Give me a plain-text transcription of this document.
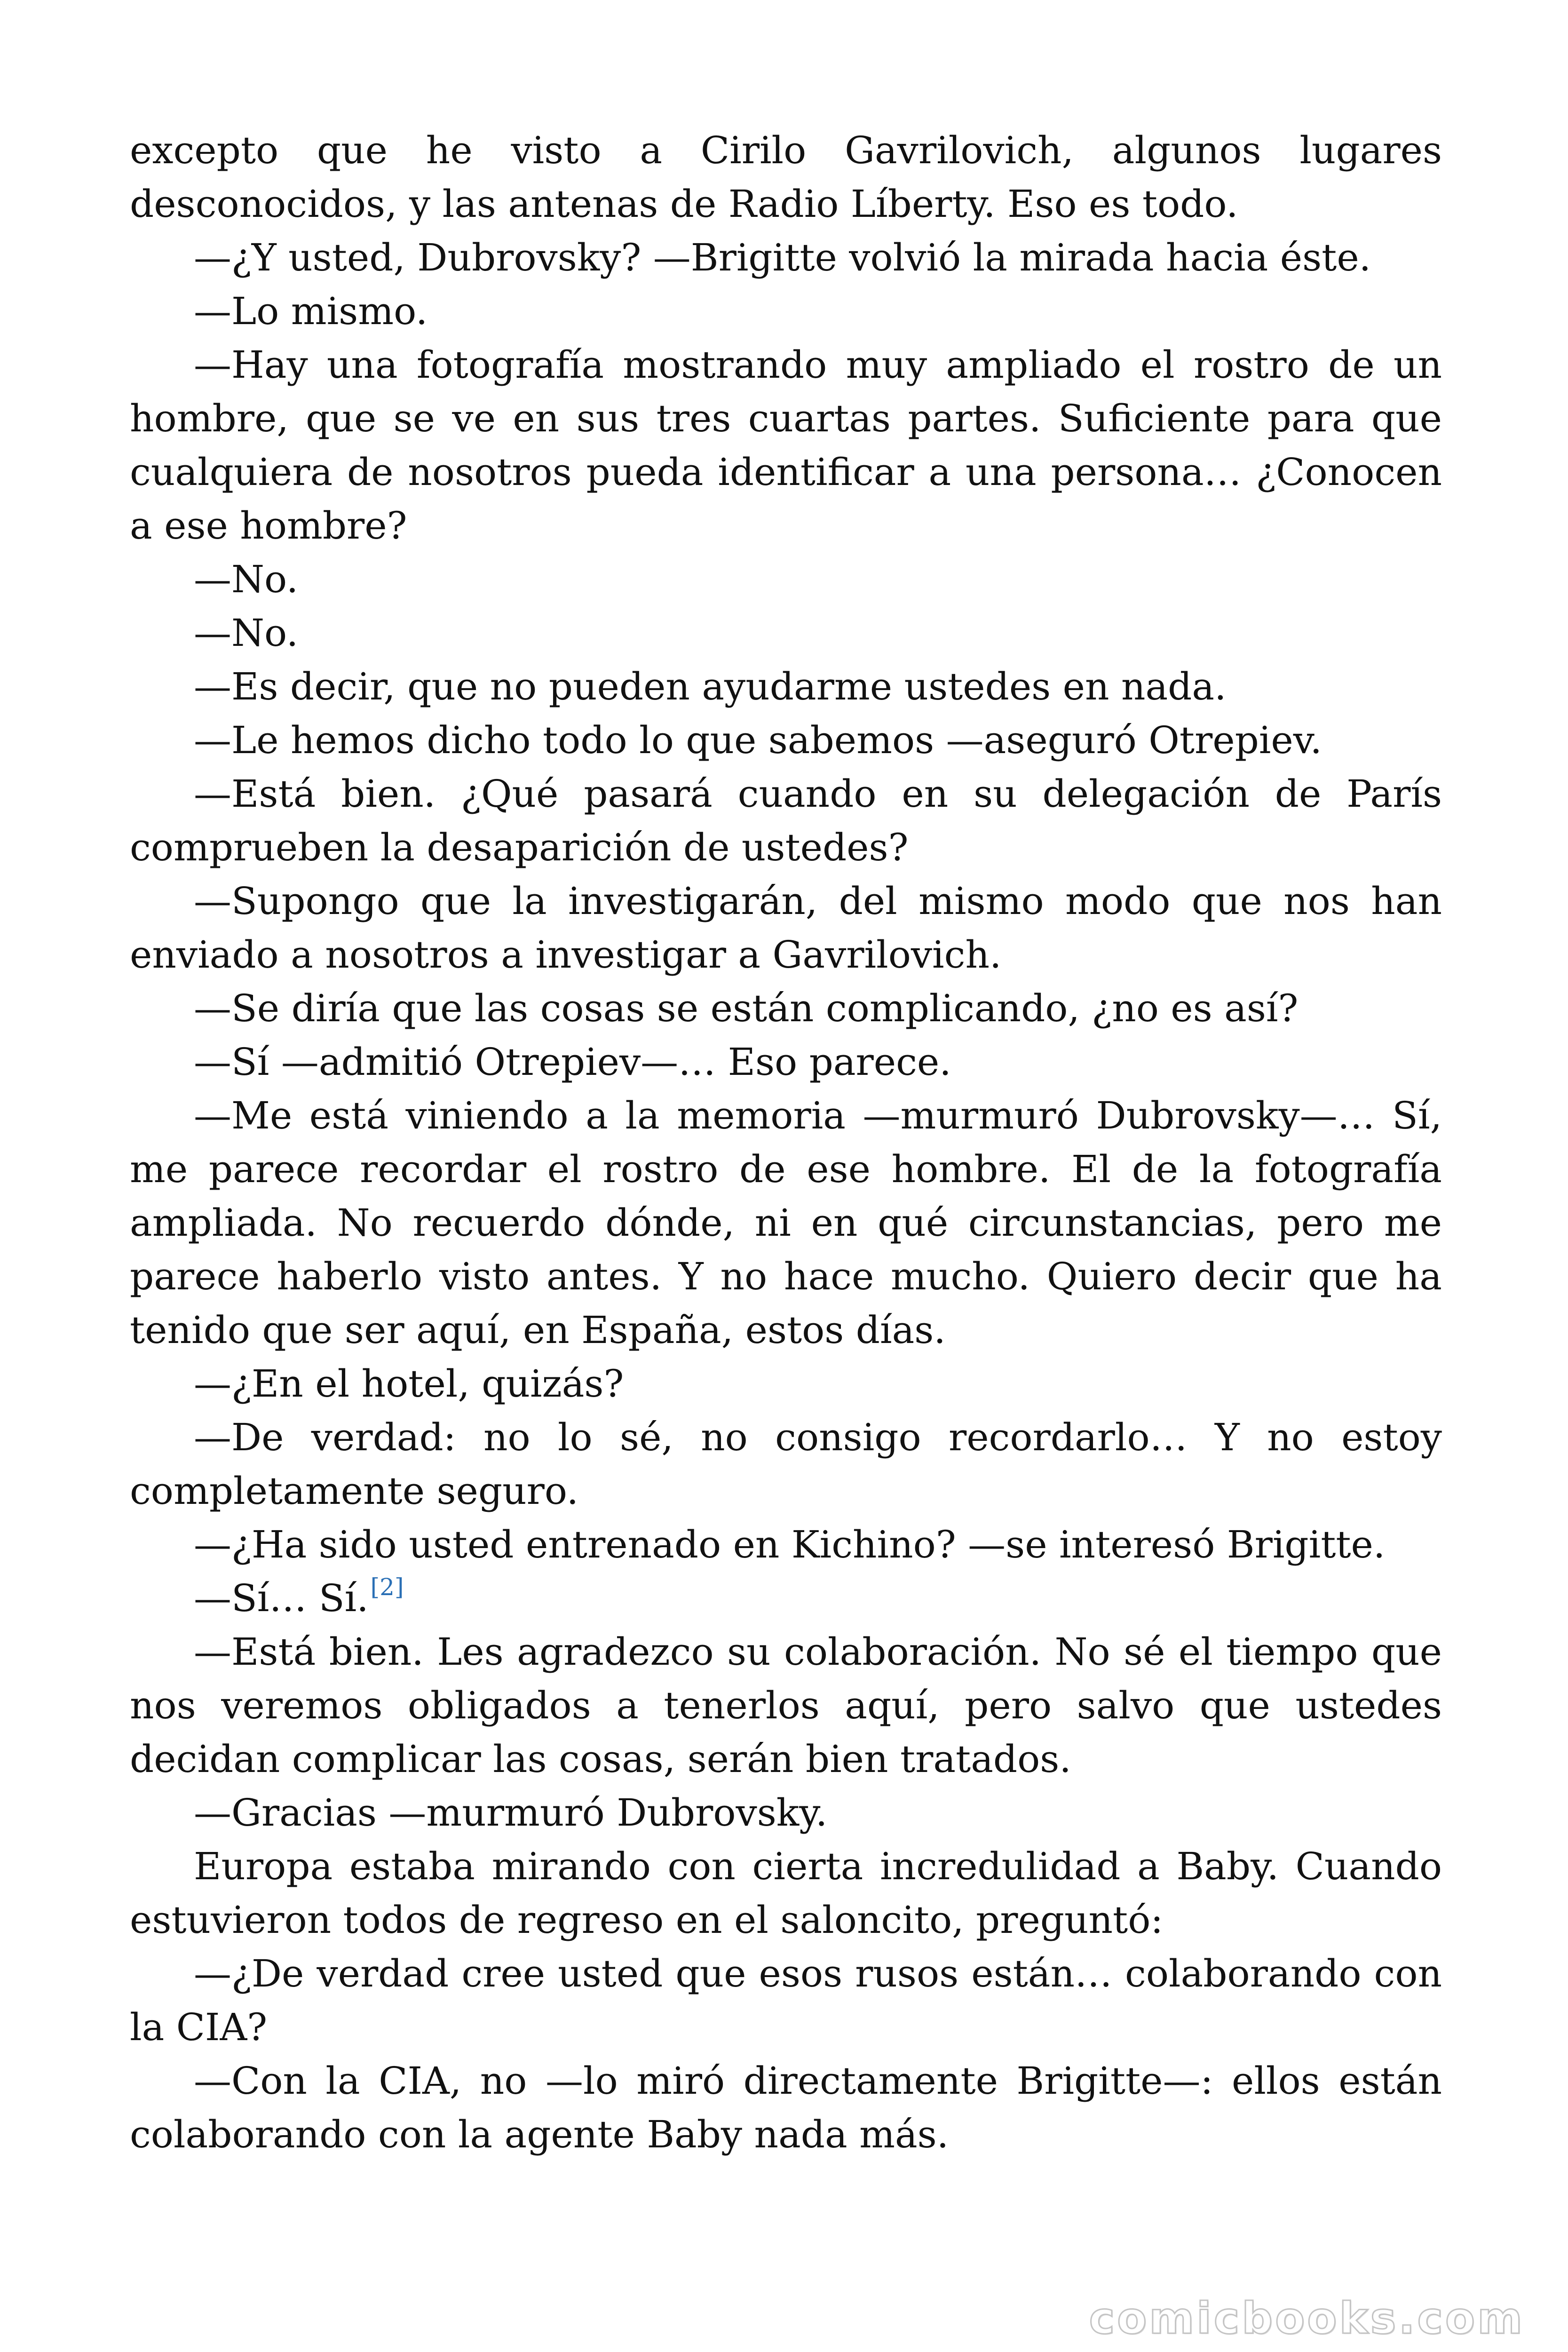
excepto que he visto a Cirilo Gavrilovich, algunos lugares desconocidos, y las antenas de Radio Líberty. Eso es todo.

—¿Y usted, Dubrovsky? —Brigitte volvió la mirada hacia éste.

—Lo mismo.

—Hay una fotografía mostrando muy ampliado el rostro de un hombre, que se ve en sus tres cuartas partes. Suficiente para que cualquiera de nosotros pueda identificar a una persona… ¿Conocen a ese hombre?

—No.

—No.

—Es decir, que no pueden ayudarme ustedes en nada.

—Le hemos dicho todo lo que sabemos —aseguró Otrepiev.

—Está bien. ¿Qué pasará cuando en su delegación de París comprueben la desaparición de ustedes?

—Supongo que la investigarán, del mismo modo que nos han enviado a nosotros a investigar a Gavrilovich.

—Se diría que las cosas se están complicando, ¿no es así?

—Sí —admitió Otrepiev—… Eso parece.

—Me está viniendo a la memoria —murmuró Dubrovsky—… Sí, me parece recordar el rostro de ese hombre. El de la fotografía ampliada. No recuerdo dónde, ni en qué circunstancias, pero me parece haberlo visto antes. Y no hace mucho. Quiero decir que ha tenido que ser aquí, en España, estos días.

—¿En el hotel, quizás?

—De verdad: no lo sé, no consigo recordarlo… Y no estoy completamente seguro.

—¿Ha sido usted entrenado en Kichino? —se interesó Brigitte.

—Sí… Sí.[2]

—Está bien. Les agradezco su colaboración. No sé el tiempo que nos veremos obligados a tenerlos aquí, pero salvo que ustedes decidan complicar las cosas, serán bien tratados.

—Gracias —murmuró Dubrovsky.

Europa estaba mirando con cierta incredulidad a Baby. Cuando estuvieron todos de regreso en el saloncito, preguntó:

—¿De verdad cree usted que esos rusos están… colaborando con la CIA?

—Con la CIA, no —lo miró directamente Brigitte—: ellos están colaborando con la agente Baby nada más.

comicbooks.com
